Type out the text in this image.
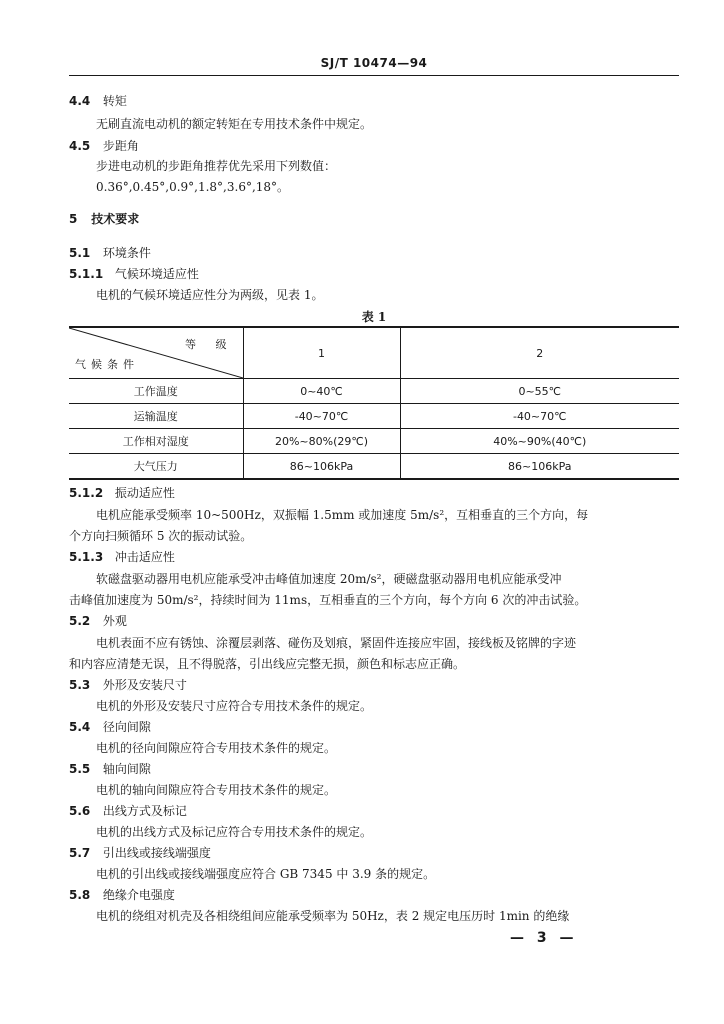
SJ/T 10474—94
4.4 转矩
无刷直流电动机的额定转矩在专用技术条件中规定。
4.5 步距角
步进电动机的步距角推荐优先采用下列数值：
0.36°,0.45°,0.9°,1.8°,3.6°,18°。
5 技术要求
5.1 环境条件
5.1.1 气候环境适应性
电机的气候环境适应性分为两级，见表 1。
表 1
等 级
气候条件	1	2
工作温度	0~40℃	0~55℃
运输温度	-40~70℃	-40~70℃
工作相对湿度	20%~80%(29℃)	40%~90%(40℃)
大气压力	86~106kPa	86~106kPa
5.1.2 振动适应性
电机应能承受频率 10~500Hz，双振幅 1.5mm 或加速度 5m/s²，互相垂直的三个方向，每
个方向扫频循环 5 次的振动试验。
5.1.3 冲击适应性
软磁盘驱动器用电机应能承受冲击峰值加速度 20m/s²，硬磁盘驱动器用电机应能承受冲
击峰值加速度为 50m/s²，持续时间为 11ms，互相垂直的三个方向，每个方向 6 次的冲击试验。
5.2 外观
电机表面不应有锈蚀、涂覆层剥落、碰伤及划痕，紧固件连接应牢固，接线板及铭牌的字迹
和内容应清楚无误，且不得脱落，引出线应完整无损，颜色和标志应正确。
5.3 外形及安装尺寸
电机的外形及安装尺寸应符合专用技术条件的规定。
5.4 径向间隙
电机的径向间隙应符合专用技术条件的规定。
5.5 轴向间隙
电机的轴向间隙应符合专用技术条件的规定。
5.6 出线方式及标记
电机的出线方式及标记应符合专用技术条件的规定。
5.7 引出线或接线端强度
电机的引出线或接线端强度应符合 GB 7345 中 3.9 条的规定。
5.8 绝缘介电强度
电机的绕组对机壳及各相绕组间应能承受频率为 50Hz，表 2 规定电压历时 1min 的绝缘
— 3 —
